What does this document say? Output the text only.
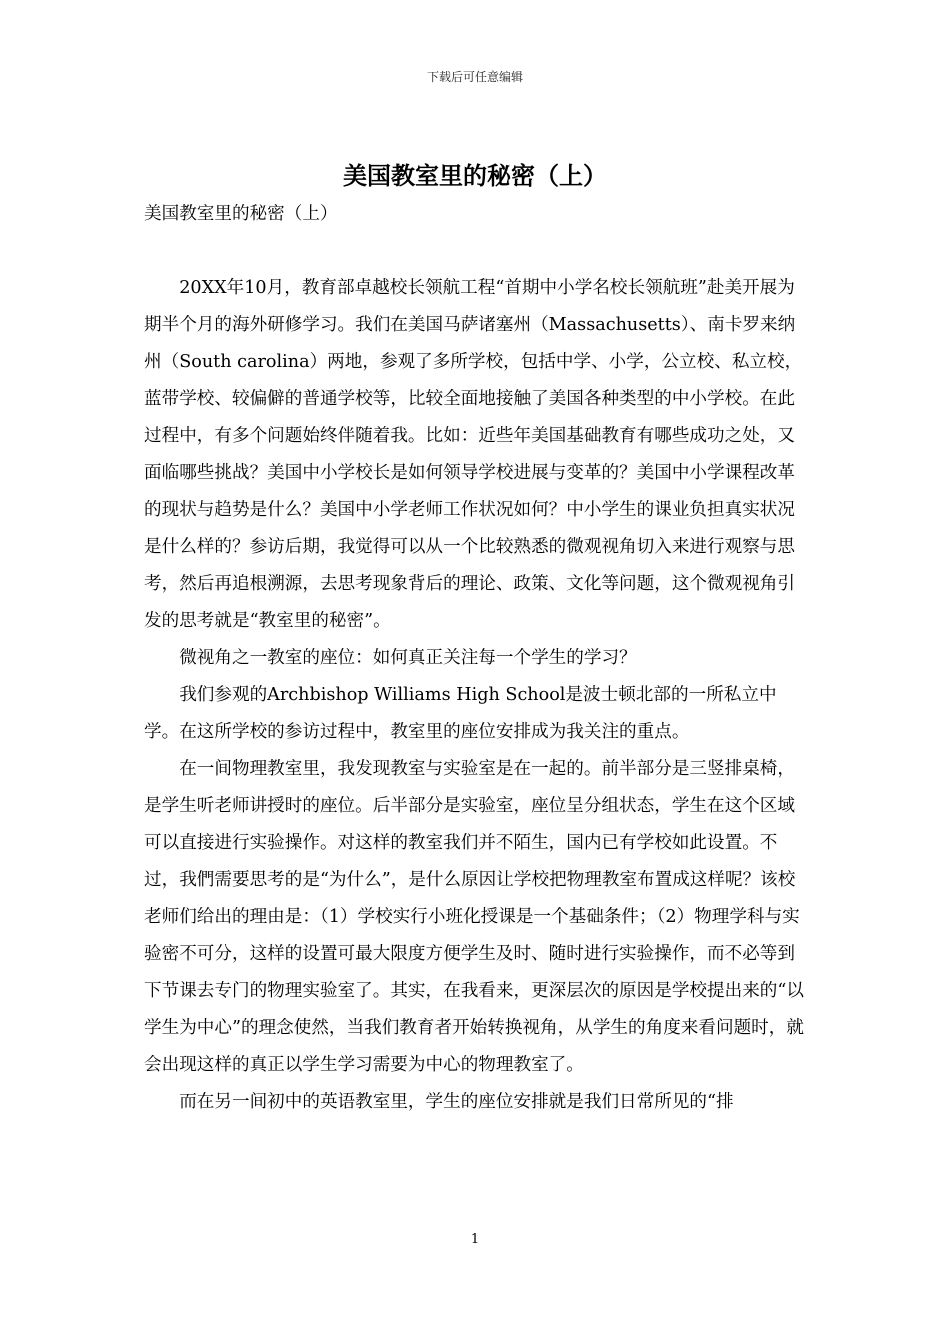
下载后可任意编辑
美国教室里的秘密（上）

美国教室里的秘密（上）

20XX年10月，教育部卓越校长领航工程“首期中小学名校长领航班”赴美开展为期半个月的海外研修学习。我们在美国马萨诸塞州（Massachusetts）、南卡罗来纳州（South carolina）两地，参观了多所学校，包括中学、小学，公立校、私立校，蓝带学校、较偏僻的普通学校等，比较全面地接触了美国各种类型的中小学校。在此过程中，有多个问题始终伴随着我。比如：近些年美国基础教育有哪些成功之处，又面临哪些挑战？美国中小学校长是如何领导学校进展与变革的？美国中小学课程改革的现状与趋势是什么？美国中小学老师工作状况如何？中小学生的课业负担真实状况是什么样的？参访后期，我觉得可以从一个比较熟悉的微观视角切入来进行观察与思考，然后再追根溯源，去思考现象背后的理论、政策、文化等问题，这个微观视角引发的思考就是“教室里的秘密”。

微视角之一教室的座位：如何真正关注每一个学生的学习？

我们参观的Archbishop Williams High School是波士顿北部的一所私立中学。在这所学校的参访过程中，教室里的座位安排成为我关注的重点。

在一间物理教室里，我发现教室与实验室是在一起的。前半部分是三竖排桌椅，是学生听老师讲授时的座位。后半部分是实验室，座位呈分组状态，学生在这个区域可以直接进行实验操作。对这样的教室我们并不陌生，国内已有学校如此设置。不过，我們需要思考的是“为什么”，是什么原因让学校把物理教室布置成这样呢？该校老师们给出的理由是：（1）学校实行小班化授课是一个基础条件；（2）物理学科与实验密不可分，这样的设置可最大限度方便学生及时、随时进行实验操作，而不必等到下节课去专门的物理实验室了。其实，在我看来，更深层次的原因是学校提出来的“以学生为中心”的理念使然，当我们教育者开始转换视角，从学生的角度来看问题时，就会出现这样的真正以学生学习需要为中心的物理教室了。

而在另一间初中的英语教室里，学生的座位安排就是我们日常所见的“排

1
